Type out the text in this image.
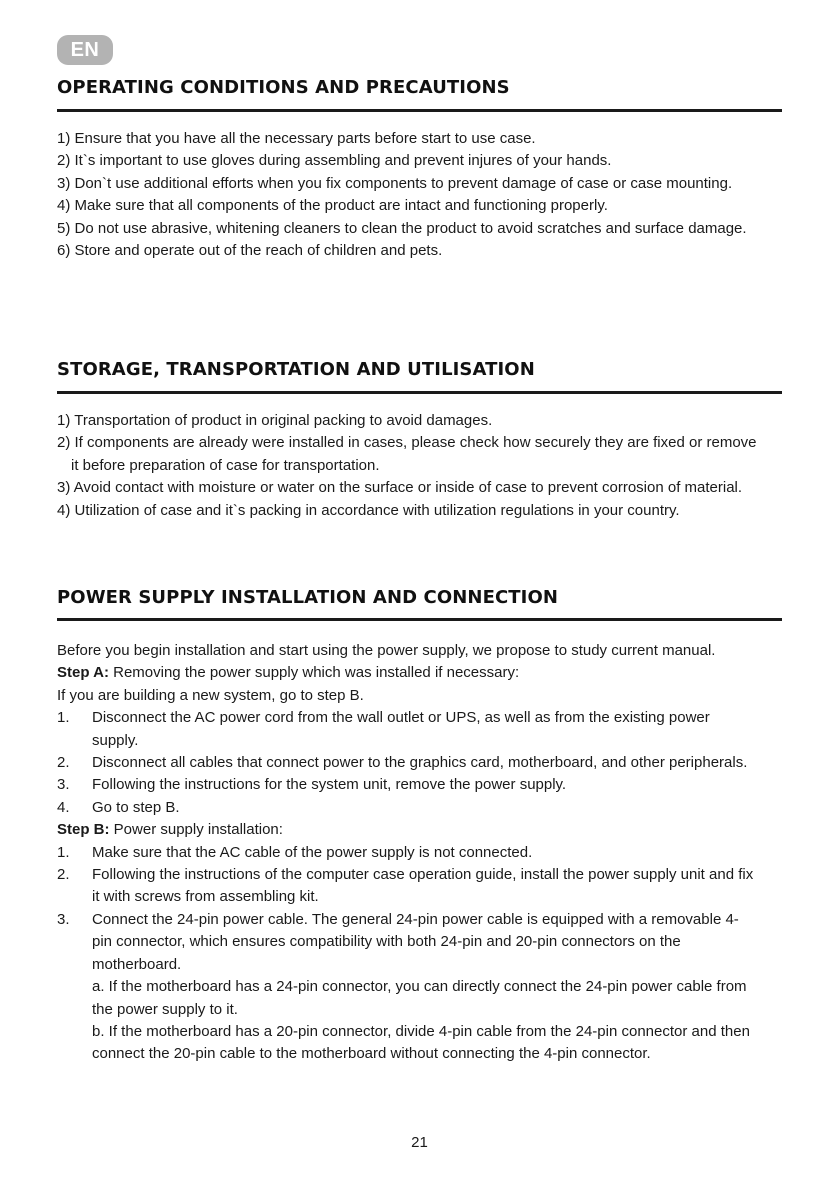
EN
OPERATING CONDITIONS AND PRECAUTIONS

1) Ensure that you have all the necessary parts before start to use case.

2) It`s important to use gloves during assembling and prevent injures of your hands.

3) Don`t use additional efforts when you fix components to prevent damage of case or case mounting.

4) Make sure that all components of the product are intact and functioning properly.

5) Do not use abrasive, whitening cleaners to clean the product to avoid scratches and surface damage.

6) Store and operate out of the reach of children and pets.

STORAGE, TRANSPORTATION AND UTILISATION

1) Transportation of product in original packing to avoid damages.

2) If components are already were installed in cases, please check how securely they are fixed or remove it before preparation of case for transportation.

3) Avoid contact with moisture or water on the surface or inside of case to prevent corrosion of material.

4) Utilization of case and it`s packing in accordance with utilization regulations in your country.

POWER SUPPLY INSTALLATION AND CONNECTION

Before you begin installation and start using the power supply, we propose to study current manual.

Step A: Removing the power supply which was installed if necessary:

If you are building a new system, go to step B.

1.	Disconnect the AC power cord from the wall outlet or UPS, as well as from the existing power supply.
2.	Disconnect all cables that connect power to the graphics card, motherboard, and other peripherals.
3.	Following the instructions for the system unit, remove the power supply.
4.	Go to step B.

Step B: Power supply installation:

1.	Make sure that the AC cable of the power supply is not connected.
2.	Following the instructions of the computer case operation guide, install the power supply unit and fix it with screws from assembling kit.
3.	Connect the 24-pin power cable. The general 24-pin power cable is equipped with a removable 4-pin connector, which ensures compatibility with both 24-pin and 20-pin connectors on the motherboard.
a. If the motherboard has a 24-pin connector, you can directly connect the 24-pin power cable from the power supply to it.
b. If the motherboard has a 20-pin connector, divide 4-pin cable from the 24-pin connector and then connect the 20-pin cable to the motherboard without connecting the 4-pin connector.
21
